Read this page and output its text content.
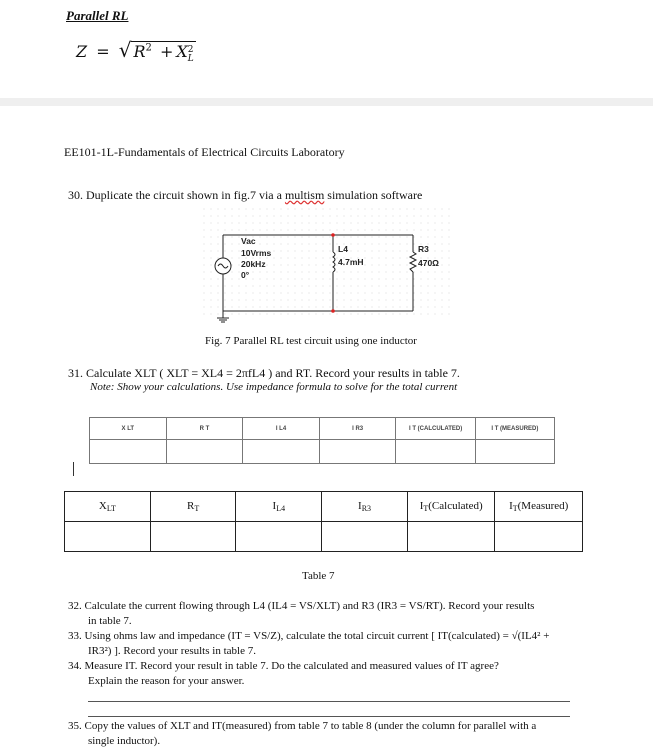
Parallel RL
Z = √ $R^2 + X2$
L
EE101-1L-Fundamentals of Electrical Circuits Laboratory
30. Duplicate the circuit shown in fig.7 via a multism simulation software
Vac
10Vrms
20kHz
0°
L4
4.7mH
R3
470Ω
Fig. 7 Parallel RL test circuit using one inductor
31. Calculate XLT ( XLT = XL4 = 2πfL4 ) and RT. Record your results in table 7.
Note: Show your calculations. Use impedance formula to solve for the total current
X LT	R T	I L4	I R3	I T (CALCULATED)	I T (MEASURED)

$X_{LT}$	$R_T$	$I_{L4}$	$I_{R3}$	$I_T(Calculated)$	$I_T(Measured)$

Table 7
32. Calculate the current flowing through L4 (IL4 = VS/XLT) and R3 (IR3 = VS/RT). Record your results
in table 7.
33. Using ohms law and impedance (IT = VS/Z), calculate the total circuit current [ IT(calculated) = √(IL4² +
IR3²) ]. Record your results in table 7.
34. Measure IT. Record your result in table 7. Do the calculated and measured values of IT agree?
Explain the reason for your answer.
35. Copy the values of XLT and IT(measured) from table 7 to table 8 (under the column for parallel with a
single inductor).
